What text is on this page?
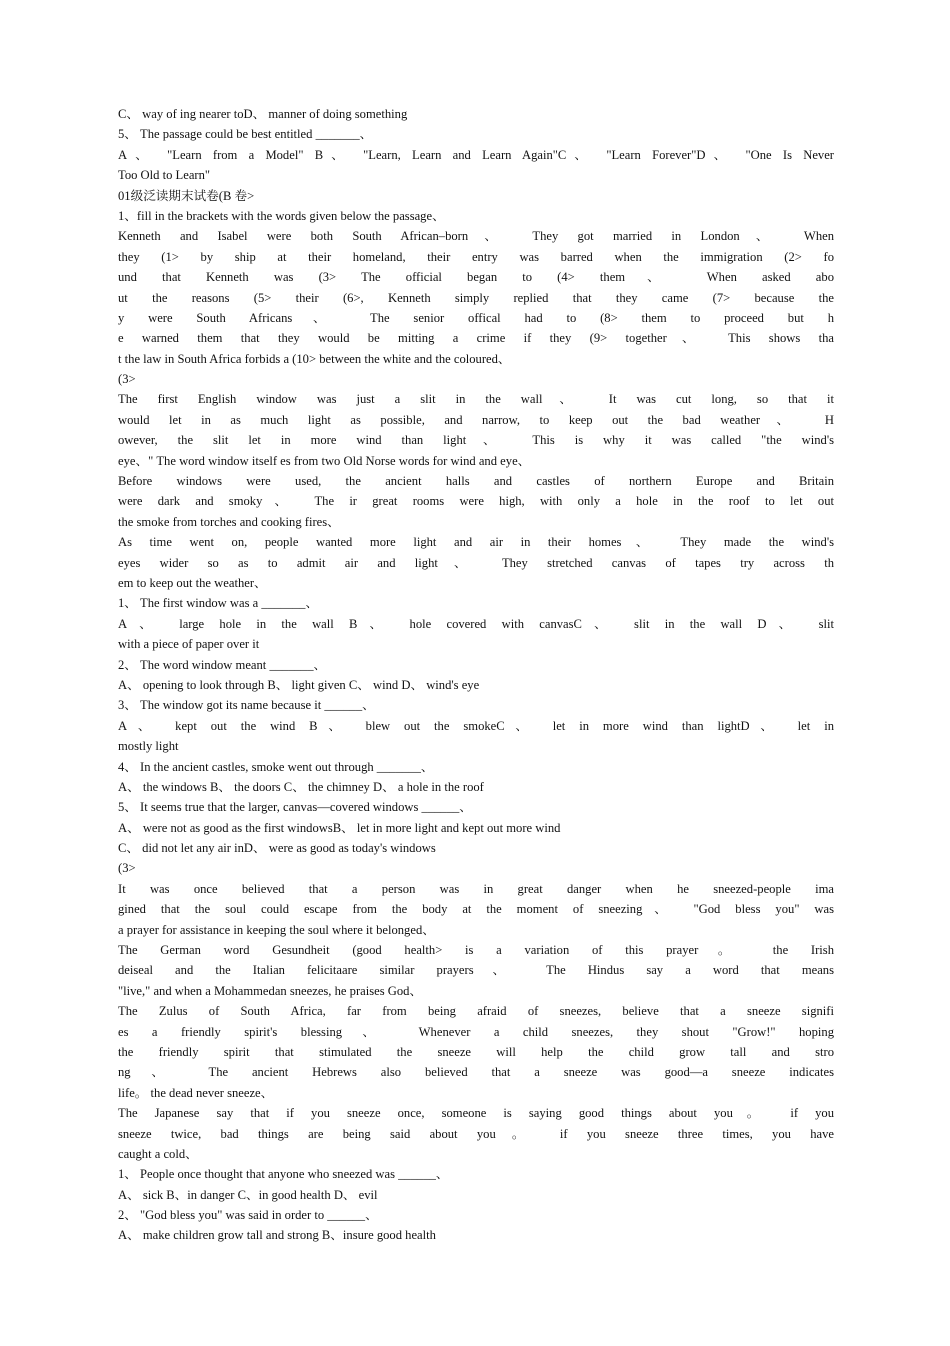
C、 way of ing nearer toD、 manner of doing something
5、 The passage could be best entitled _______、
A、 "Learn from a Model" B、 "Learn, Learn and Learn Again"C、 "Learn Forever"D、 "One Is Never
Too Old to Learn"
01级泛读期末试卷(B 卷>
1、fill in the brackets with the words given below the passage、
Kenneth and Isabel were both South African–born、 They got married in London、 When
they (1> by ship at their homeland, their entry was barred when the immigration (2> fo
und that Kenneth was (3> The official began to (4> them、 When asked abo
ut the reasons (5> their (6>, Kenneth simply replied that they came (7> because the
y were South Africans、 The senior offical had to (8> them to proceed but h
e warned them that they would be mitting a crime if they (9> together、 This shows tha
t the law in South Africa forbids a (10> between the white and the coloured、
(3>
The first English window was just a slit in the wall、 It was cut long, so that it
would let in as much light as possible, and narrow, to keep out the bad weather、 H
owever, the slit let in more wind than light、 This is why it was called "the wind's
eye、" The word window itself es from two Old Norse words for wind and eye、
Before windows were used, the ancient halls and castles of northern Europe and Britain
were dark and smoky、 The ir great rooms were high, with only a hole in the roof to let out
the smoke from torches and cooking fires、
As time went on, people wanted more light and air in their homes、 They made the wind's
eyes wider so as to admit air and light、 They stretched canvas of tapes try across th
em to keep out the weather、
1、 The first window was a _______、
A、 large hole in the wall B、 hole covered with canvasC、 slit in the wall D、 slit
with a piece of paper over it
2、 The word window meant _______、
A、 opening to look through B、 light given C、 wind D、 wind's eye
3、 The window got its name because it ______、
A、 kept out the wind B、 blew out the smokeC、 let in more wind than lightD、 let in
mostly light
4、 In the ancient castles, smoke went out through _______、
A、 the windows B、 the doors C、 the chimney D、 a hole in the roof
5、 It seems true that the larger, canvas—covered windows ______、
A、 were not as good as the first windowsB、 let in more light and kept out more wind
C、 did not let any air inD、 were as good as today's windows
(3>
It was once believed that a person was in great danger when he sneezed-people ima
gined that the soul could escape from the body at the moment of sneezing、 "God bless you" was
a prayer for assistance in keeping the soul where it belonged、
The German word Gesundheit (good health> is a variation of this prayer。 the Irish
deiseal and the Italian felicitaare similar prayers、 The Hindus say a word that means
"live," and when a Mohammedan sneezes, he praises God、
The Zulus of South Africa, far from being afraid of sneezes, believe that a sneeze signifi
es a friendly spirit's blessing、 Whenever a child sneezes, they shout "Grow!" hoping
the friendly spirit that stimulated the sneeze will help the child grow tall and stro
ng、 The ancient Hebrews also believed that a sneeze was good—a sneeze indicates
life。 the dead never sneeze、
The Japanese say that if you sneeze once, someone is saying good things about you。 if you
sneeze twice, bad things are being said about you。 if you sneeze three times, you have
caught a cold、
1、 People once thought that anyone who sneezed was ______、
A、 sick B、in danger C、in good health D、 evil
2、 "God bless you" was said in order to ______、
A、 make children grow tall and strong B、insure good health
